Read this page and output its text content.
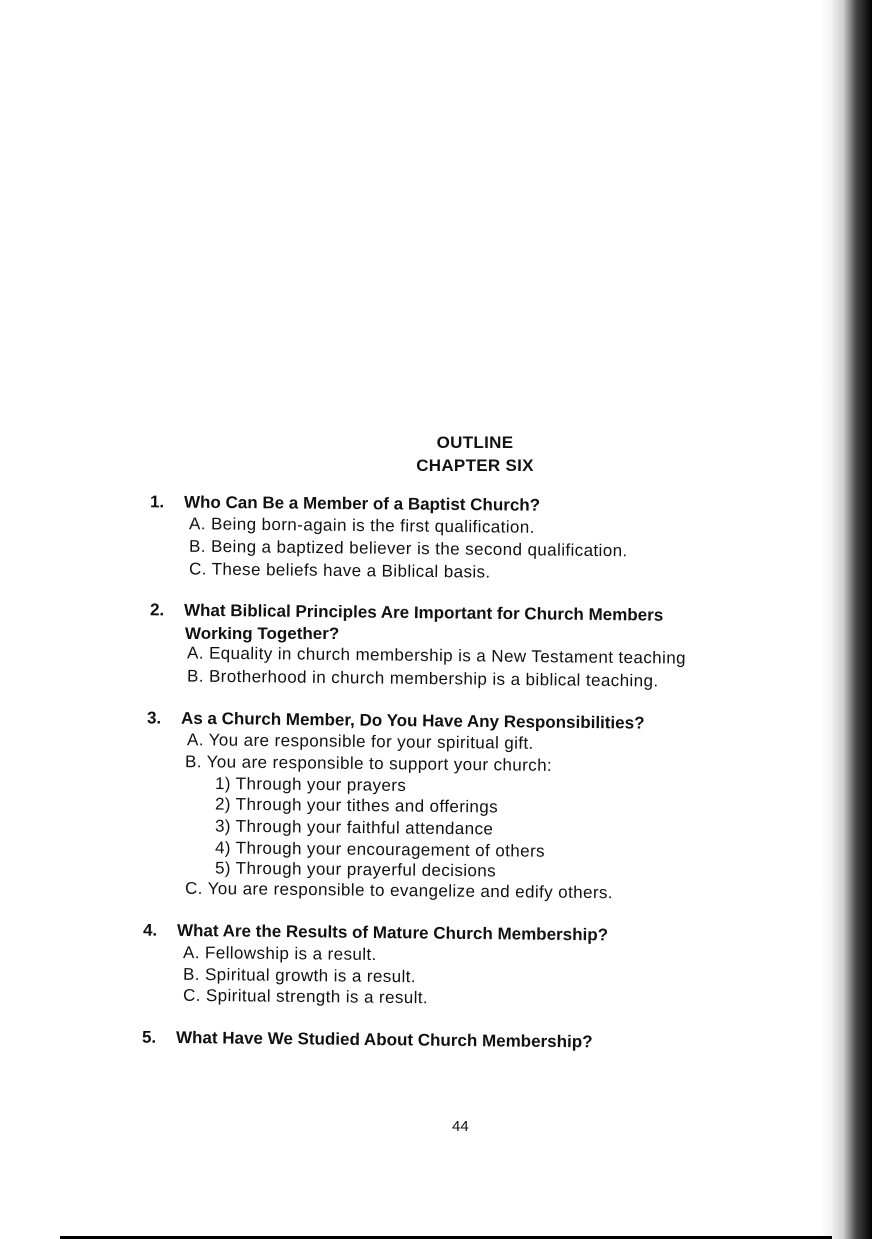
OUTLINE
CHAPTER SIX
1. Who Can Be a Member of a Baptist Church?
A. Being born-again is the first qualification.
B. Being a baptized believer is the second qualification.
C. These beliefs have a Biblical basis.
2. What Biblical Principles Are Important for Church Members
Working Together?
A. Equality in church membership is a New Testament teaching
B. Brotherhood in church membership is a biblical teaching.
3. As a Church Member, Do You Have Any Responsibilities?
A. You are responsible for your spiritual gift.
B. You are responsible to support your church:
1) Through your prayers
2) Through your tithes and offerings
3) Through your faithful attendance
4) Through your encouragement of others
5) Through your prayerful decisions
C. You are responsible to evangelize and edify others.
4. What Are the Results of Mature Church Membership?
A. Fellowship is a result.
B. Spiritual growth is a result.
C. Spiritual strength is a result.
5. What Have We Studied About Church Membership?
44
